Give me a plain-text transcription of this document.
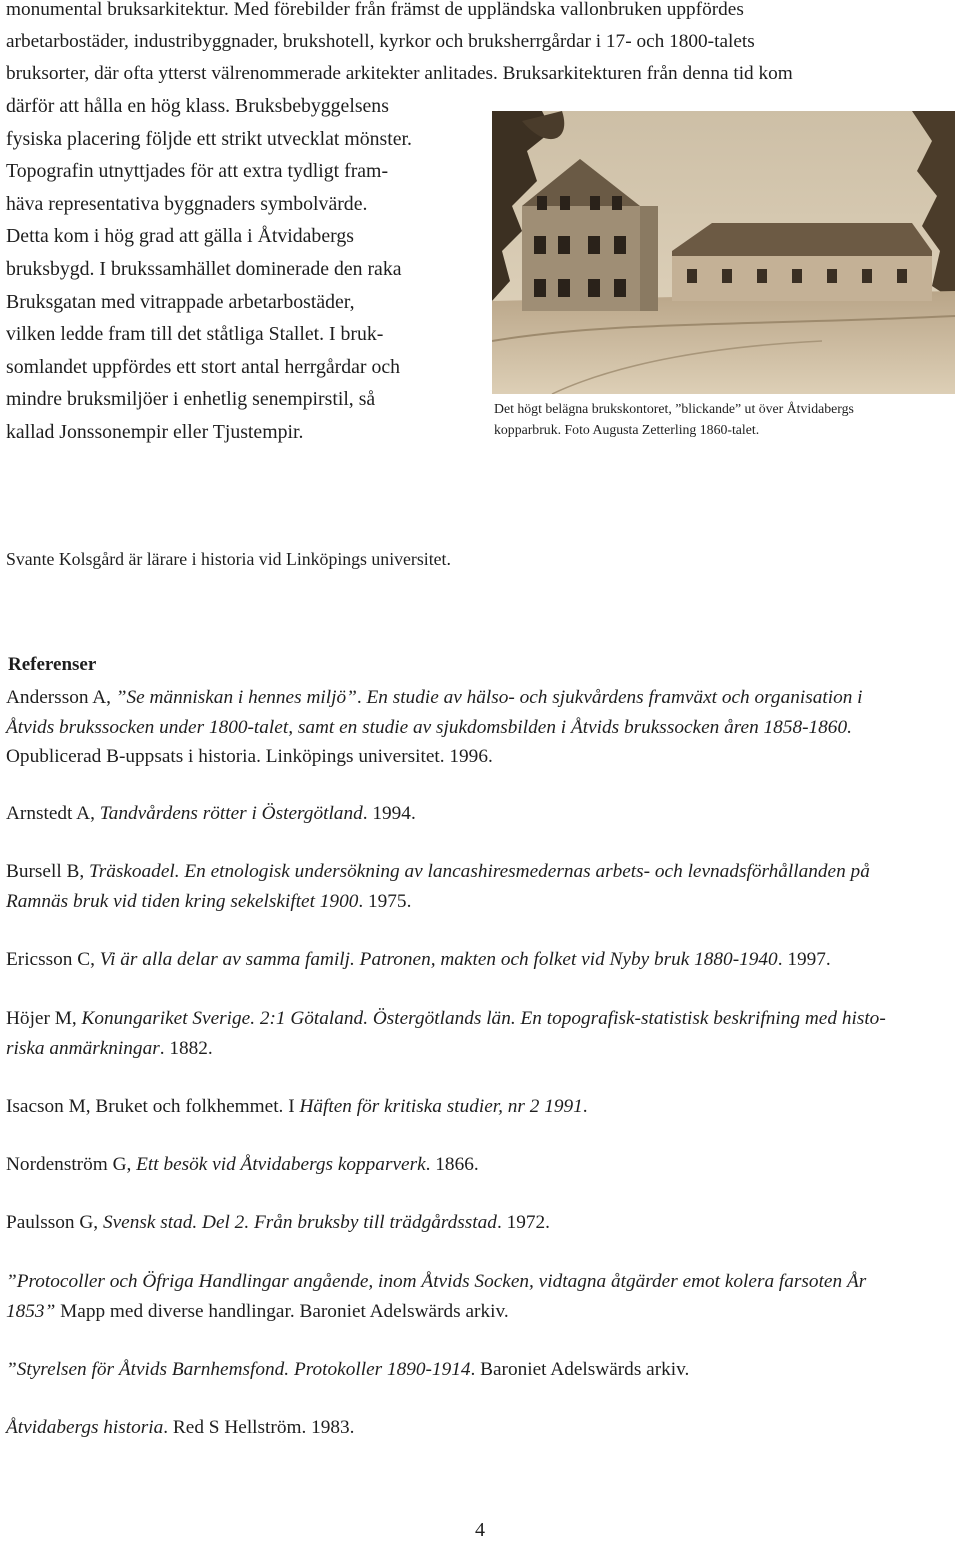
monumental bruksarkitektur. Med förebilder från främst de uppländska vallonbruken uppfördes
arbetarbostäder, industribyggnader, brukshotell, kyrkor och bruksherrgårdar i 17- och 1800-talets
bruksorter, där ofta ytterst välrenommerade arkitekter anlitades. Bruksarkitekturen från denna tid kom

därför att hålla en hög klass. Bruksbebyggelsens
fysiska placering följde ett strikt utvecklat mönster.
Topografin utnyttjades för att extra tydligt fram-
häva representativa byggnaders symbolvärde.
Detta kom i hög grad att gälla i Åtvidabergs
bruksbygd. I brukssamhället dominerade den raka
Bruksgatan med vitrappade arbetarbostäder,
vilken ledde fram till det ståtliga Stallet. I bruk-
somlandet uppfördes ett stort antal herrgårdar och
mindre bruksmiljöer i enhetlig senempirstil, så
kallad Jonssonempir eller Tjustempir.

Det högt belägna brukskontoret, ”blickande” ut över Åtvidabergs
kopparbruk. Foto Augusta Zetterling 1860-talet.

Svante Kolsgård är lärare i historia vid Linköpings universitet.

Referenser

Andersson A, ”Se människan i hennes miljö”. En studie av hälso- och sjukvårdens framväxt och organisation i
Åtvids brukssocken under 1800-talet, samt en studie av sjukdomsbilden i Åtvids brukssocken åren 1858-1860.
Opublicerad B-uppsats i historia. Linköpings universitet. 1996.

Arnstedt A, Tandvårdens rötter i Östergötland. 1994.

Bursell B, Träskoadel. En etnologisk undersökning av lancashiresmedernas arbets- och levnadsförhållanden på
Ramnäs bruk vid tiden kring sekelskiftet 1900. 1975.

Ericsson C, Vi är alla delar av samma familj. Patronen, makten och folket vid Nyby bruk 1880-1940. 1997.

Höjer M, Konungariket Sverige. 2:1 Götaland. Östergötlands län. En topografisk-statistisk beskrifning med histo-
riska anmärkningar. 1882.

Isacson M, Bruket och folkhemmet. I Häften för kritiska studier, nr 2 1991.

Nordenström G, Ett besök vid Åtvidabergs kopparverk. 1866.

Paulsson G, Svensk stad. Del 2. Från bruksby till trädgårdsstad. 1972.

”Protocoller och Öfriga Handlingar angående, inom Åtvids Socken, vidtagna åtgärder emot kolera farsoten År
1853” Mapp med diverse handlingar. Baroniet Adelswärds arkiv.

”Styrelsen för Åtvids Barnhemsfond. Protokoller 1890-1914. Baroniet Adelswärds arkiv.

Åtvidabergs historia. Red S Hellström. 1983.

4
